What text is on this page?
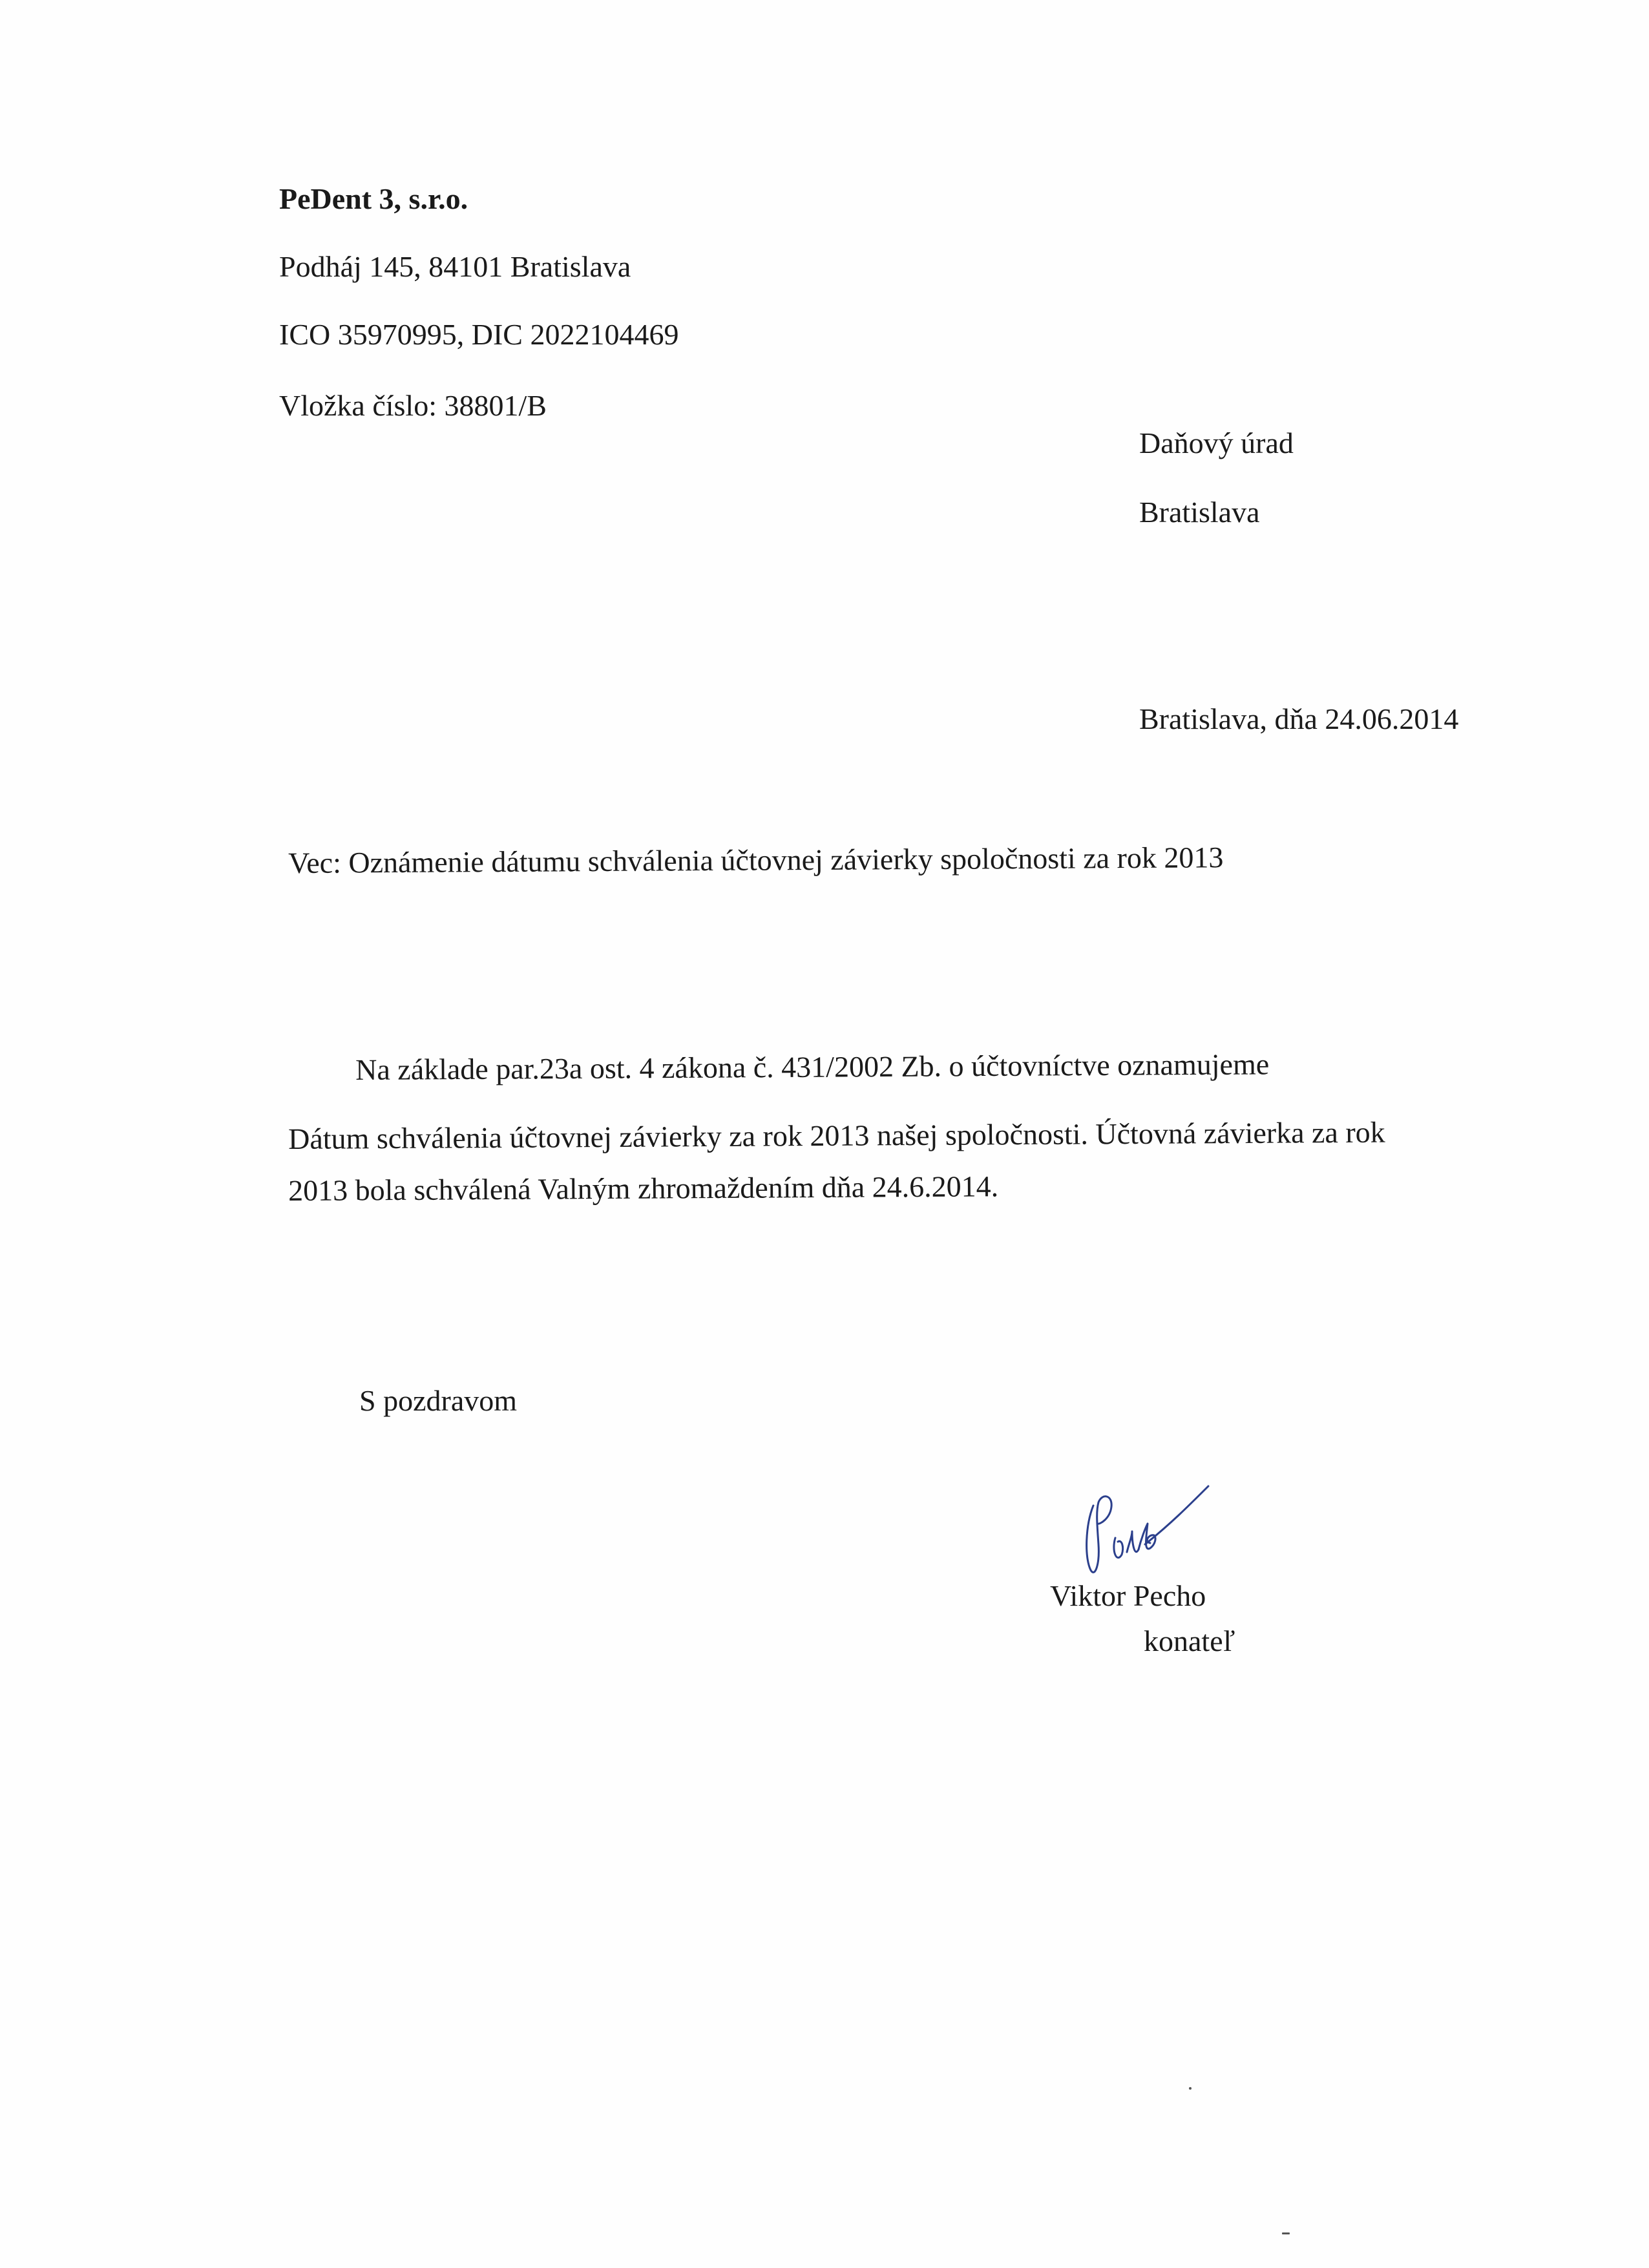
PeDent 3, s.r.o.
Podháj 145, 84101 Bratislava
ICO 35970995, DIC 2022104469
Vložka číslo: 38801/B
Daňový úrad
Bratislava
Bratislava, dňa 24.06.2014
Vec: Oznámenie dátumu schválenia účtovnej závierky spoločnosti za rok 2013
Na základe par.23a ost. 4 zákona č. 431/2002 Zb. o účtovníctve oznamujeme
Dátum schválenia účtovnej závierky za rok 2013 našej spoločnosti. Účtovná závierka za rok
2013 bola schválená Valným zhromaždením dňa 24.6.2014.
S pozdravom
Viktor Pecho
konateľ
